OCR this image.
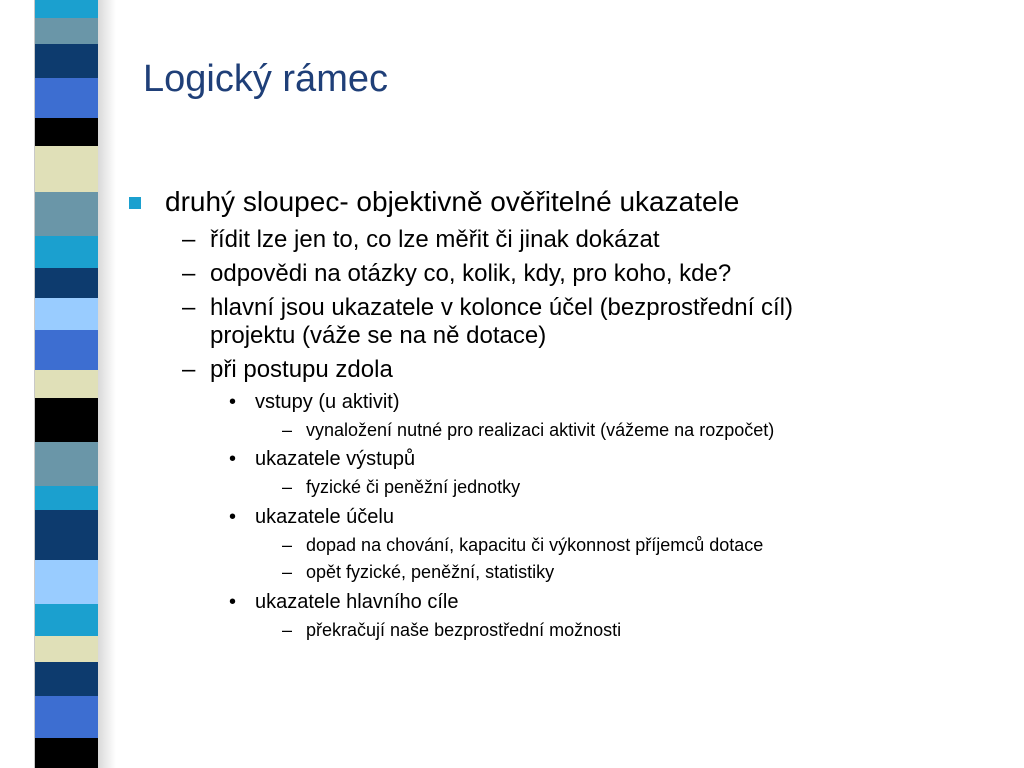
Logický rámec
druhý sloupec- objektivně ověřitelné ukazatele
– řídit lze jen to, co lze měřit či jinak dokázat
– odpovědi na otázky co, kolik, kdy, pro koho, kde?
– hlavní jsou ukazatele v kolonce účel (bezprostřední cíl)
projektu (váže se na ně dotace)
– při postupu zdola
• vstupy (u aktivit)
– vynaložení nutné pro realizaci aktivit (vážeme na rozpočet)
• ukazatele výstupů
– fyzické či peněžní jednotky
• ukazatele účelu
– dopad na chování, kapacitu či výkonnost příjemců dotace
– opět fyzické, peněžní, statistiky
• ukazatele hlavního cíle
– překračují naše bezprostřední možnosti
